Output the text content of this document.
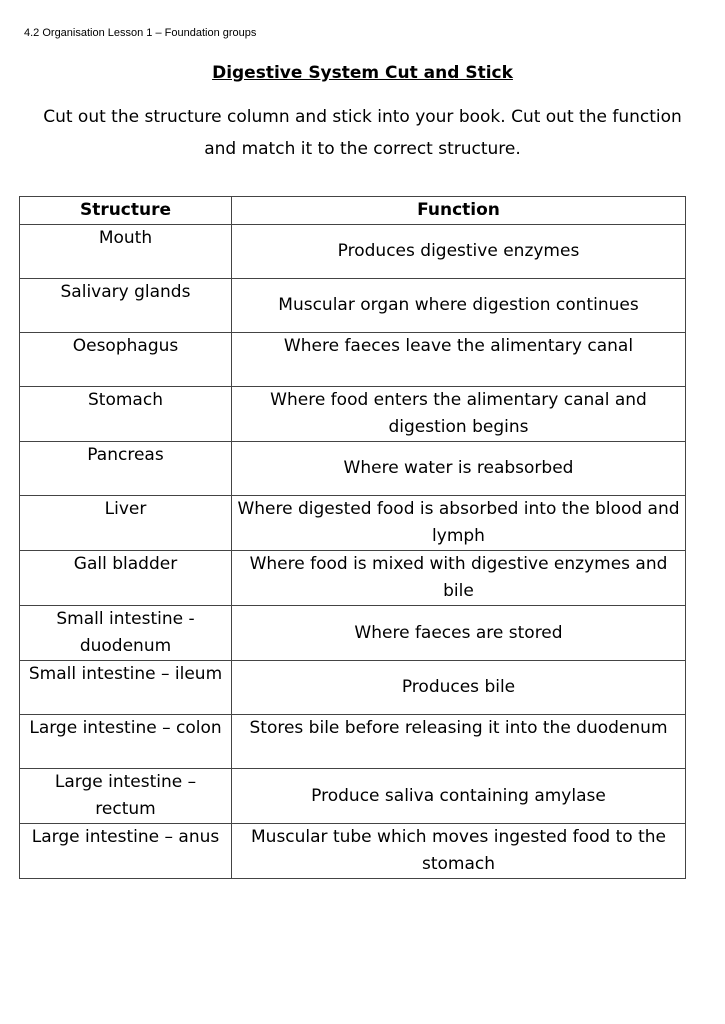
4.2 Organisation Lesson 1 – Foundation groups
Digestive System Cut and Stick
Cut out the structure column and stick into your book. Cut out the function and match it to the correct structure.
Structure	Function
Mouth	Produces digestive enzymes
Salivary glands	Muscular organ where digestion continues
Oesophagus	Where faeces leave the alimentary canal
Stomach	Where food enters the alimentary canal and digestion begins
Pancreas	Where water is reabsorbed
Liver	Where digested food is absorbed into the blood and lymph
Gall bladder	Where food is mixed with digestive enzymes and bile
Small intestine - duodenum	Where faeces are stored
Small intestine – ileum	Produces bile
Large intestine – colon	Stores bile before releasing it into the duodenum
Large intestine – rectum	Produce saliva containing amylase
Large intestine – anus	Muscular tube which moves ingested food to the stomach
